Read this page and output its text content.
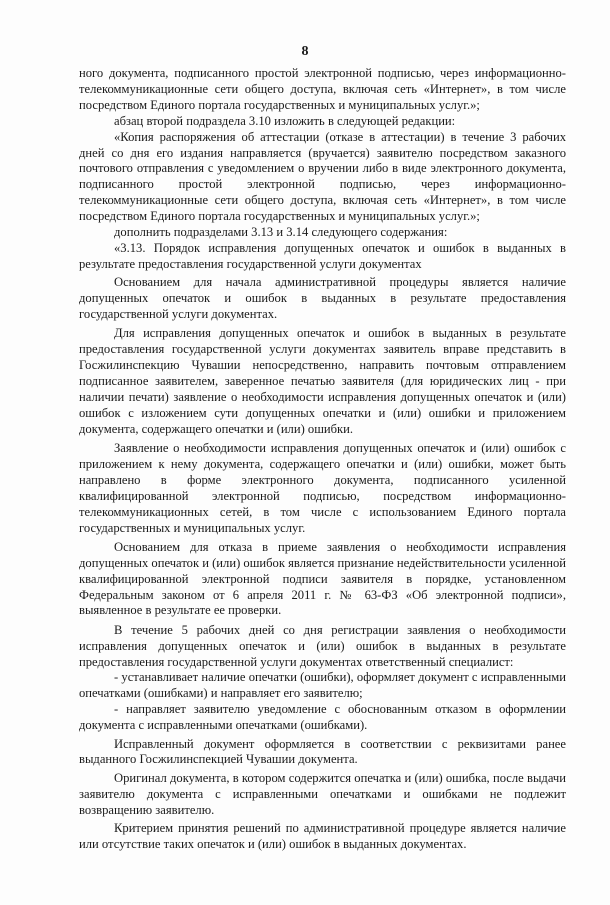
8

ного документа, подписанного простой электронной подписью, через информационно-телекоммуникационные сети общего доступа, включая сеть «Интернет», в том числе посредством Единого портала государственных и муниципальных услуг.»;

абзац второй подраздела 3.10 изложить в следующей редакции:

«Копия распоряжения об аттестации (отказе в аттестации) в течение 3 рабочих дней со дня его издания направляется (вручается) заявителю посредством заказного почтового отправления с уведомлением о вручении либо в виде электронного документа, подписанного простой электронной подписью, через информационно-телекоммуникационные сети общего доступа, включая сеть «Интернет», в том числе посредством Единого портала государственных и муниципальных услуг.»;

дополнить подразделами 3.13 и 3.14 следующего содержания:

«3.13. Порядок исправления допущенных опечаток и ошибок в выданных в результате предоставления государственной услуги документах

Основанием для начала административной процедуры является наличие допущенных опечаток и ошибок в выданных в результате предоставления государственной услуги документах.

Для исправления допущенных опечаток и ошибок в выданных в результате предоставления государственной услуги документах заявитель вправе представить в Госжилинспекцию Чувашии непосредственно, направить почтовым отправлением подписанное заявителем, заверенное печатью заявителя (для юридических лиц - при наличии печати) заявление о необходимости исправления допущенных опечаток и (или) ошибок с изложением сути допущенных опечатки и (или) ошибки и приложением документа, содержащего опечатки и (или) ошибки.

Заявление о необходимости исправления допущенных опечаток и (или) ошибок с приложением к нему документа, содержащего опечатки и (или) ошибки, может быть направлено в форме электронного документа, подписанного усиленной квалифицированной электронной подписью, посредством информационно-телекоммуникационных сетей, в том числе с использованием Единого портала государственных и муниципальных услуг.

Основанием для отказа в приеме заявления о необходимости исправления допущенных опечаток и (или) ошибок является признание недействительности усиленной квалифицированной электронной подписи заявителя в порядке, установленном Федеральным законом от 6 апреля 2011 г. № 63-ФЗ «Об электронной подписи», выявленное в результате ее проверки.

В течение 5 рабочих дней со дня регистрации заявления о необходимости исправления допущенных опечаток и (или) ошибок в выданных в результате предоставления государственной услуги документах ответственный специалист:

- устанавливает наличие опечатки (ошибки), оформляет документ с исправленными опечатками (ошибками) и направляет его заявителю;

- направляет заявителю уведомление с обоснованным отказом в оформлении документа с исправленными опечатками (ошибками).

Исправленный документ оформляется в соответствии с реквизитами ранее выданного Госжилинспекцией Чувашии документа.

Оригинал документа, в котором содержится опечатка и (или) ошибка, после выдачи заявителю документа с исправленными опечатками и ошибками не подлежит возвращению заявителю.

Критерием принятия решений по административной процедуре является наличие или отсутствие таких опечаток и (или) ошибок в выданных документах.
